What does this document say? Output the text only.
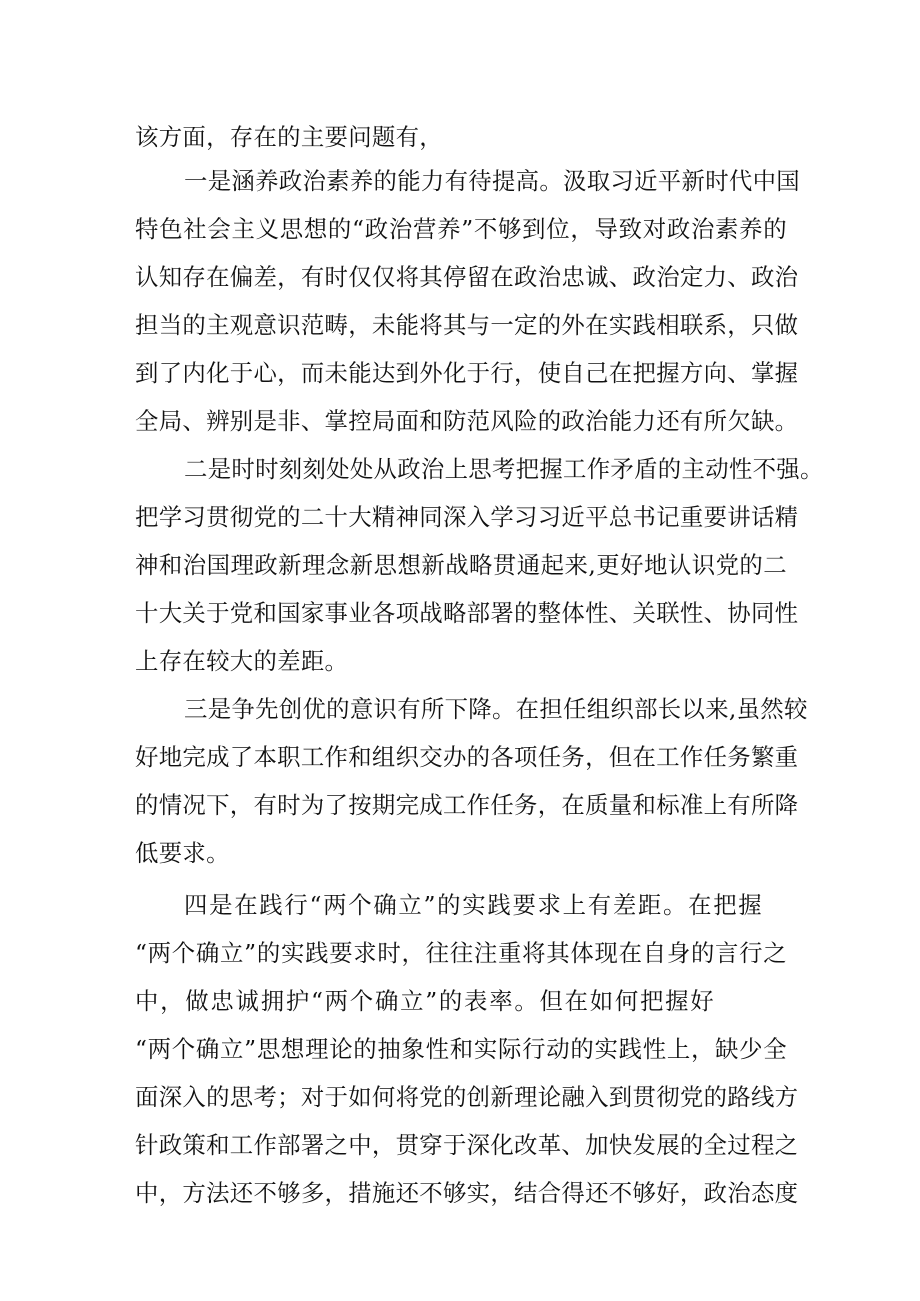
该方面，存在的主要问题有，
一是涵养政治素养的能力有待提高。汲取习近平新时代中国
特色社会主义思想的“政治营养”不够到位，导致对政治素养的
认知存在偏差，有时仅仅将其停留在政治忠诚、政治定力、政治
担当的主观意识范畴，未能将其与一定的外在实践相联系，只做
到了内化于心，而未能达到外化于行，使自己在把握方向、掌握
全局、辨别是非、掌控局面和防范风险的政治能力还有所欠缺。
二是时时刻刻处处从政治上思考把握工作矛盾的主动性不强。
把学习贯彻党的二十大精神同深入学习习近平总书记重要讲话精
神和治国理政新理念新思想新战略贯通起来,更好地认识党的二
十大关于党和国家事业各项战略部署的整体性、关联性、协同性
上存在较大的差距。
三是争先创优的意识有所下降。在担任组织部长以来,虽然较
好地完成了本职工作和组织交办的各项任务，但在工作任务繁重
的情况下，有时为了按期完成工作任务，在质量和标准上有所降
低要求。
四是在践行“两个确立”的实践要求上有差距。在把握
“两个确立”的实践要求时，往往注重将其体现在自身的言行之
中，做忠诚拥护“两个确立”的表率。但在如何把握好
“两个确立”思想理论的抽象性和实际行动的实践性上，缺少全
面深入的思考；对于如何将党的创新理论融入到贯彻党的路线方
针政策和工作部署之中，贯穿于深化改革、加快发展的全过程之
中，方法还不够多，措施还不够实，结合得还不够好，政治态度
